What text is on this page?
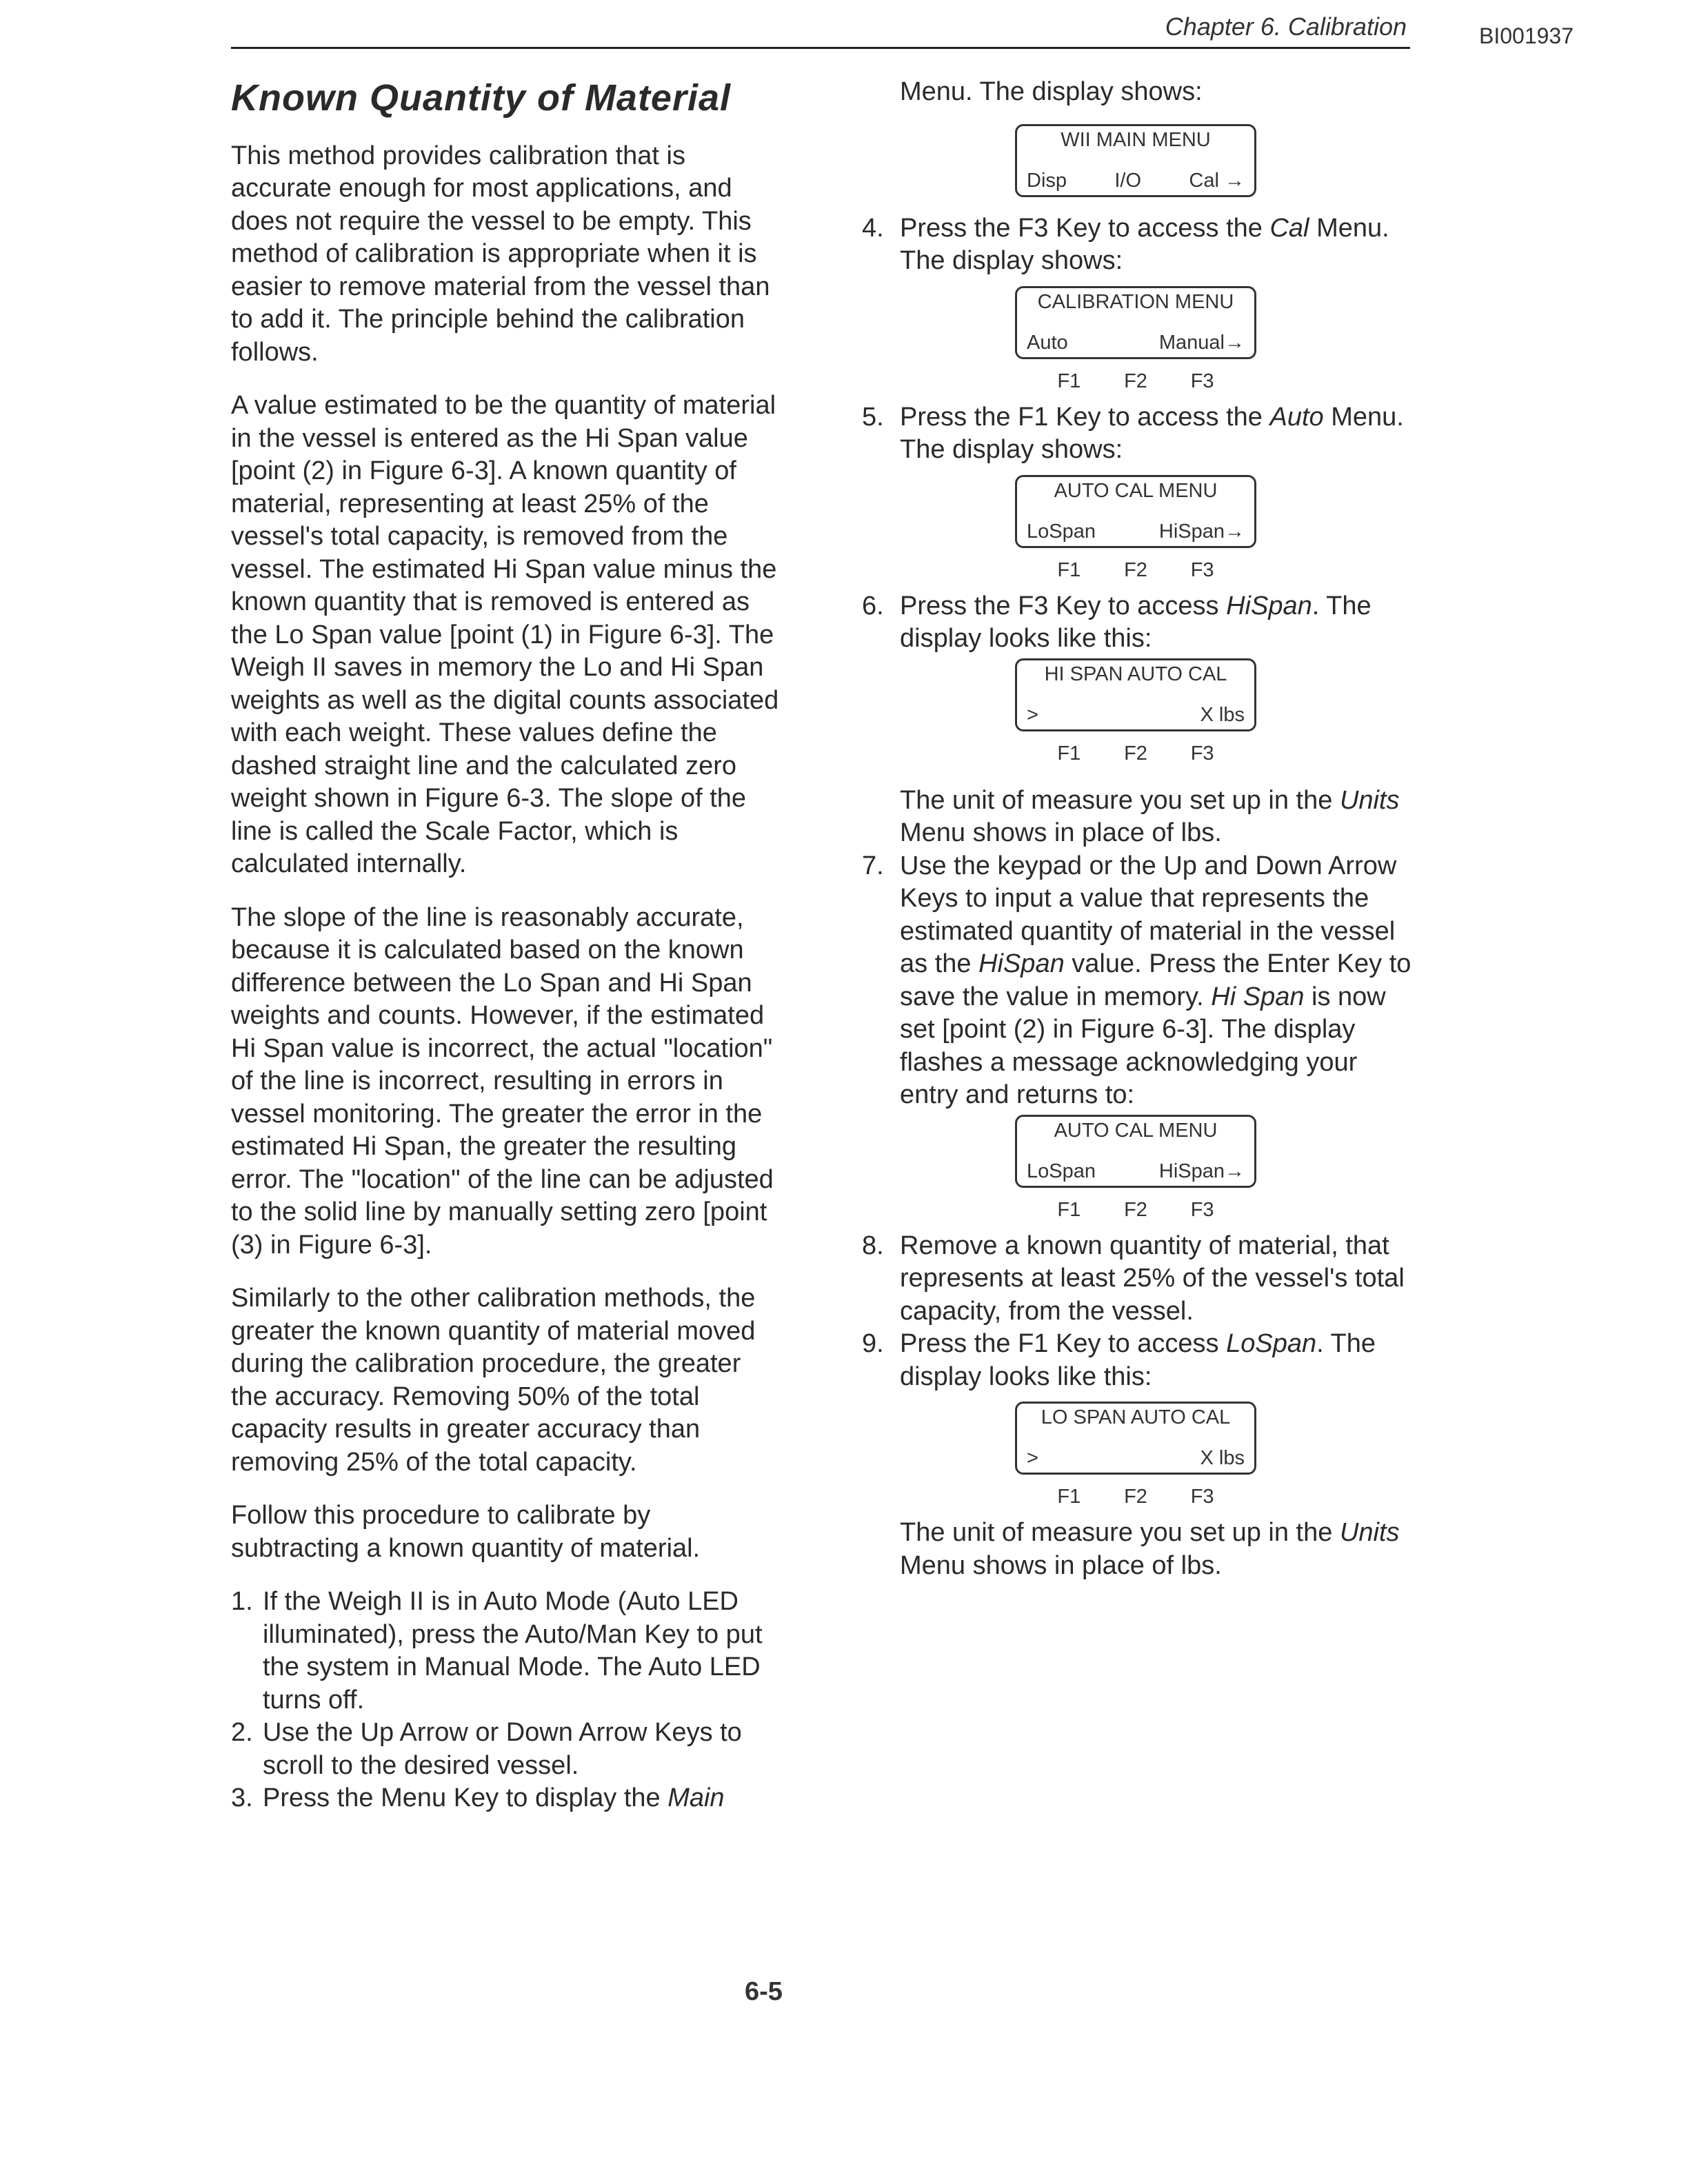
Chapter 6. Calibration	BI001937
Known Quantity of Material

This method provides calibration that is accurate enough for most applications, and does not require the vessel to be empty. This method of calibration is appropriate when it is easier to remove material from the vessel than to add it. The principle behind the calibration follows.

A value estimated to be the quantity of material in the vessel is entered as the Hi Span value [point (2) in Figure 6-3]. A known quantity of material, representing at least 25% of the vessel's total capacity, is removed from the vessel. The estimated Hi Span value minus the known quantity that is removed is entered as the Lo Span value [point (1) in Figure 6-3]. The Weigh II saves in memory the Lo and Hi Span weights as well as the digital counts associated with each weight. These values define the dashed straight line and the calculated zero weight shown in Figure 6-3. The slope of the line is called the Scale Factor, which is calculated internally.

The slope of the line is reasonably accurate, because it is calculated based on the known difference between the Lo Span and Hi Span weights and counts. However, if the estimated Hi Span value is incorrect, the actual "location" of the line is incorrect, resulting in errors in vessel monitoring. The greater the error in the estimated Hi Span, the greater the resulting error. The "location" of the line can be adjusted to the solid line by manually setting zero [point (3) in Figure 6-3].

Similarly to the other calibration methods, the greater the known quantity of material moved during the calibration procedure, the greater the accuracy. Removing 50% of the total capacity results in greater accuracy than removing 25% of the total capacity.

Follow this procedure to calibrate by subtracting a known quantity of material.

1. If the Weigh II is in Auto Mode (Auto LED illuminated), press the Auto/Man Key to put the system in Manual Mode. The Auto LED turns off.
2. Use the Up Arrow or Down Arrow Keys to scroll to the desired vessel.
3. Press the Menu Key to display the Main
Menu. The display shows:
WII MAIN MENU
Disp I/O Cal →
4. Press the F3 Key to access the Cal Menu. The display shows:
CALIBRATION MENU
Auto	Manual→
F1 F2 F3
5. Press the F1 Key to access the Auto Menu. The display shows:
AUTO CAL MENU
LoSpan	HiSpan→
F1 F2 F3
6. Press the F3 Key to access HiSpan. The display looks like this:
HI SPAN AUTO CAL
>	X lbs
F1 F2 F3
The unit of measure you set up in the Units Menu shows in place of lbs.
7. Use the keypad or the Up and Down Arrow Keys to input a value that represents the estimated quantity of material in the vessel as the HiSpan value. Press the Enter Key to save the value in memory. Hi Span is now set [point (2) in Figure 6-3]. The display flashes a message acknowledging your entry and returns to:
AUTO CAL MENU
LoSpan	HiSpan→
F1 F2 F3
8. Remove a known quantity of material, that represents at least 25% of the vessel's total capacity, from the vessel.
9. Press the F1 Key to access LoSpan. The display looks like this:
LO SPAN AUTO CAL
>	X lbs
F1 F2 F3
The unit of measure you set up in the Units Menu shows in place of lbs.
6-5
